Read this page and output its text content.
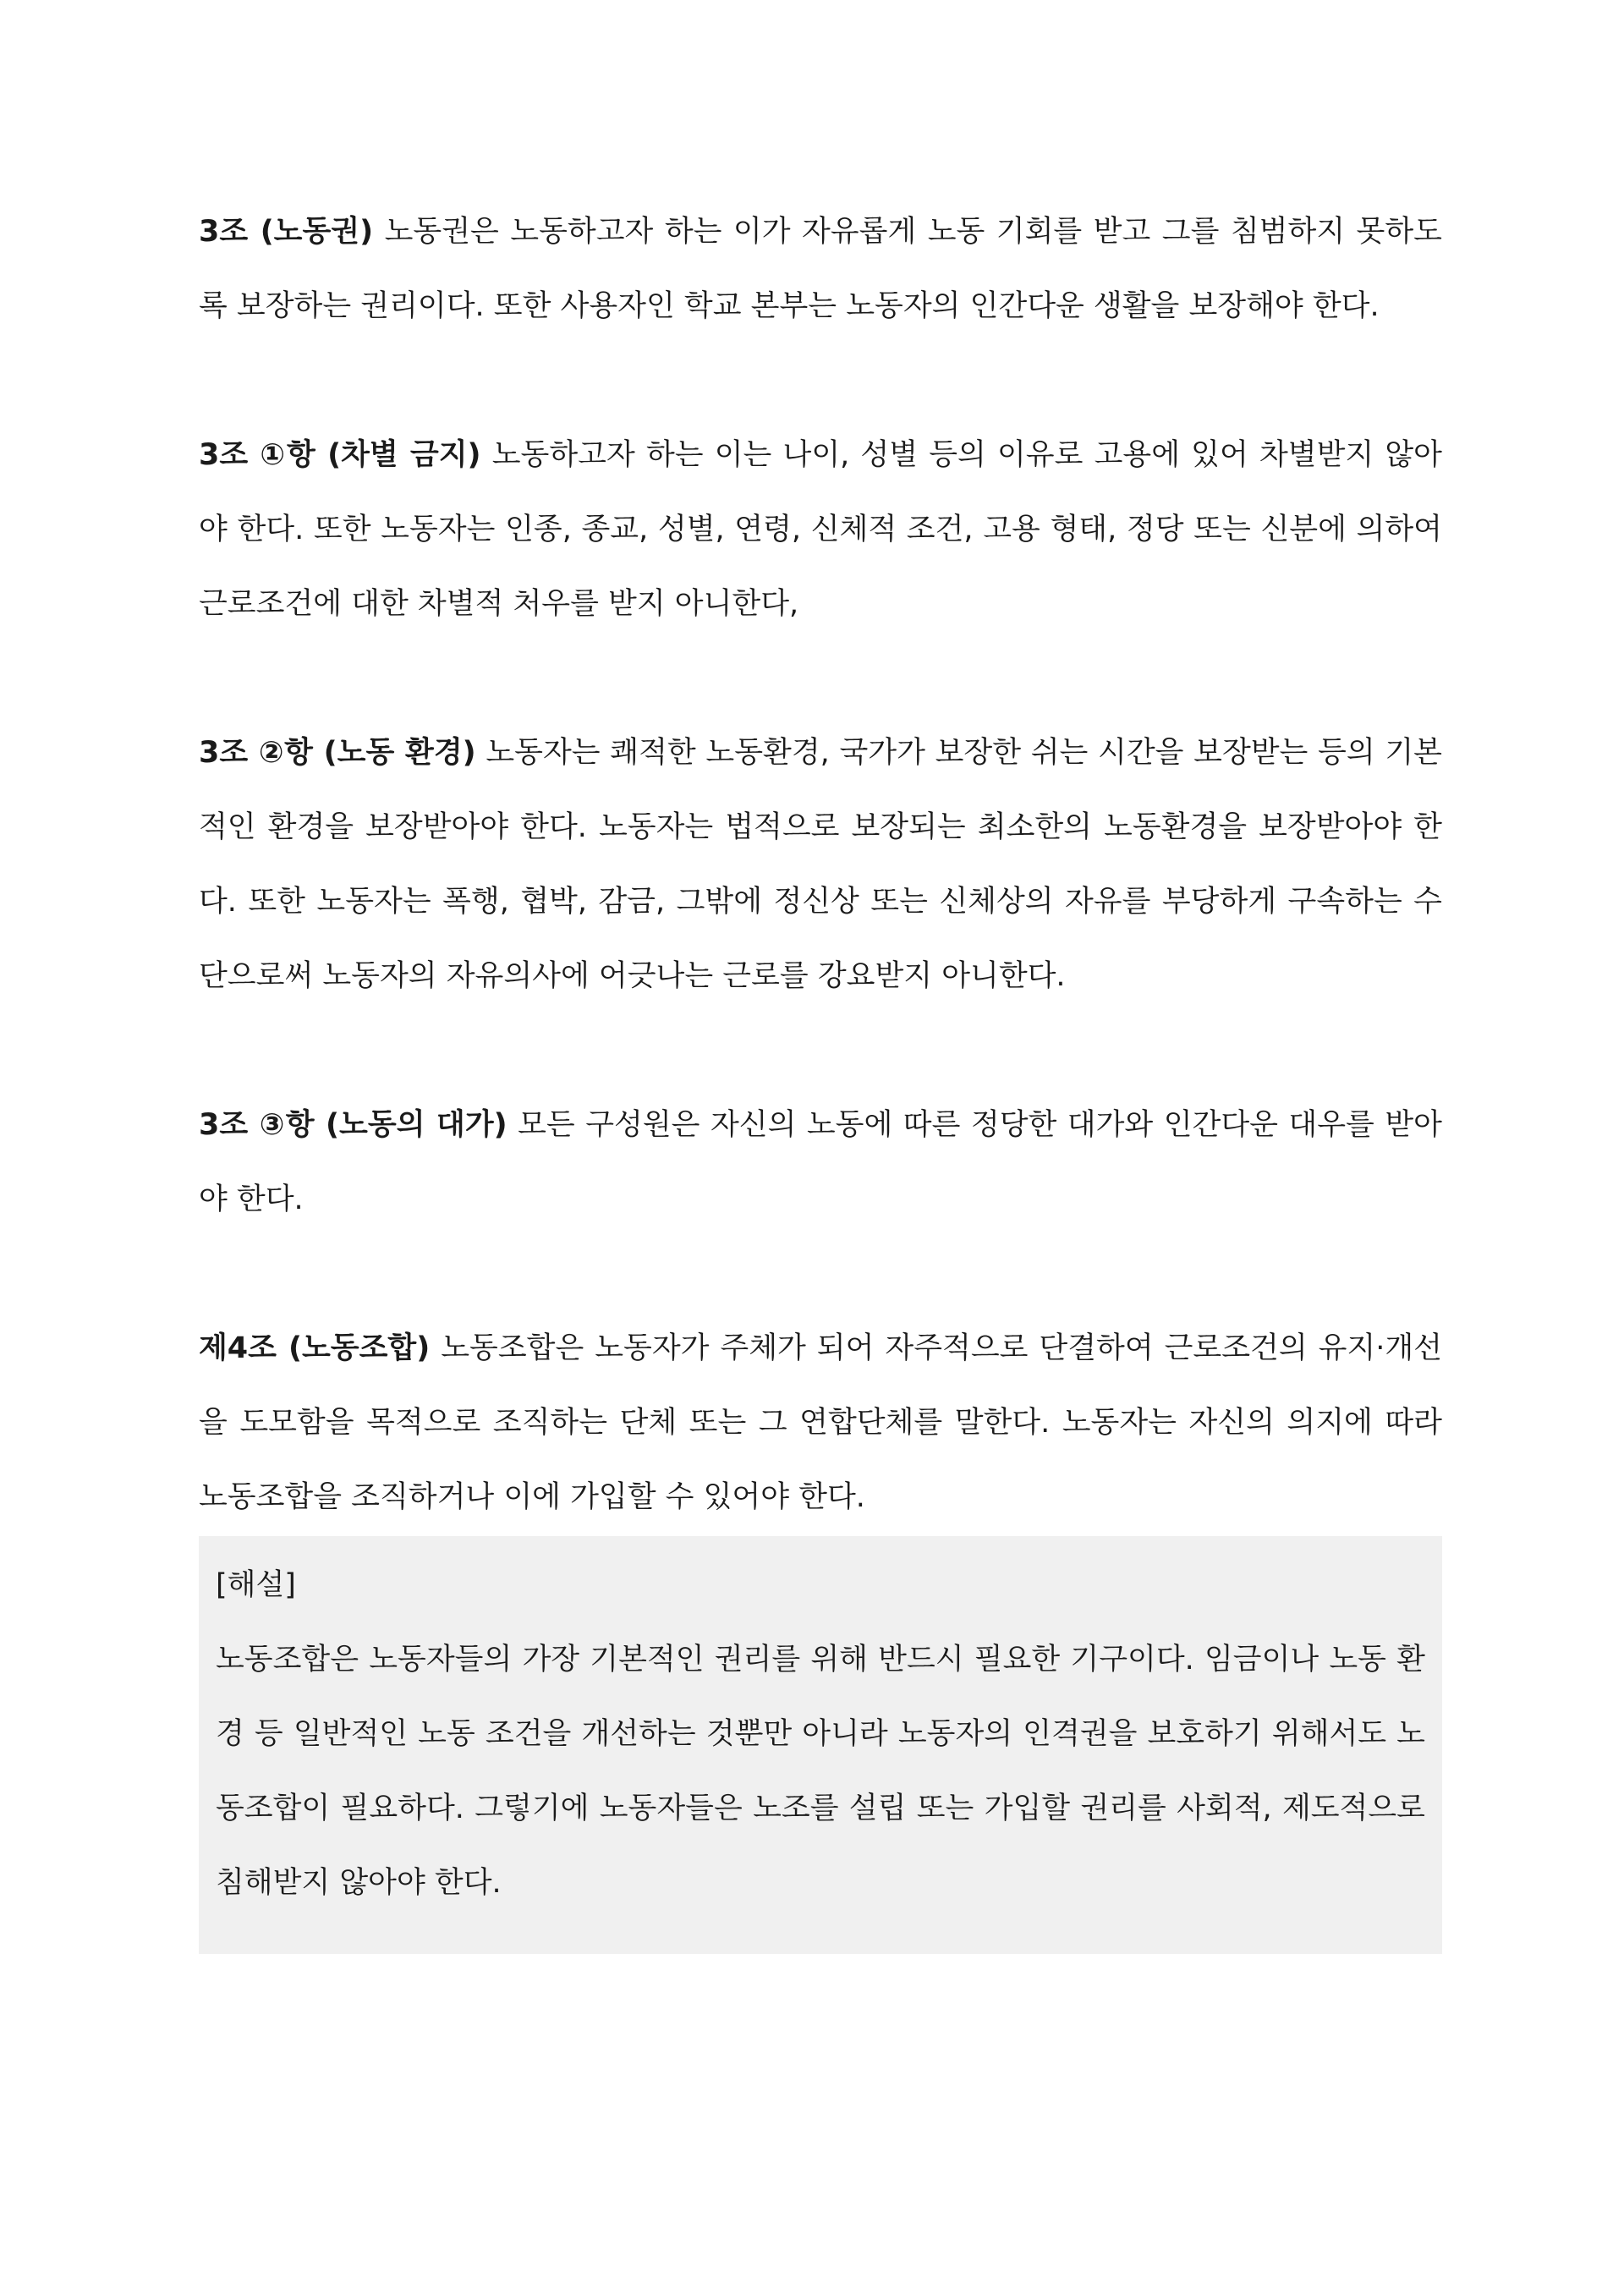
3조 (노동권) 노동권은 노동하고자 하는 이가 자유롭게 노동 기회를 받고 그를 침범하지 못하도록 보장하는 권리이다. 또한 사용자인 학교 본부는 노동자의 인간다운 생활을 보장해야 한다.

3조 ①항 (차별 금지) 노동하고자 하는 이는 나이, 성별 등의 이유로 고용에 있어 차별받지 않아야 한다. 또한 노동자는 인종, 종교, 성별, 연령, 신체적 조건, 고용 형태, 정당 또는 신분에 의하여 근로조건에 대한 차별적 처우를 받지 아니한다,

3조 ②항 (노동 환경) 노동자는 쾌적한 노동환경, 국가가 보장한 쉬는 시간을 보장받는 등의 기본적인 환경을 보장받아야 한다. 노동자는 법적으로 보장되는 최소한의 노동환경을 보장받아야 한다. 또한 노동자는 폭행, 협박, 감금, 그밖에 정신상 또는 신체상의 자유를 부당하게 구속하는 수단으로써 노동자의 자유의사에 어긋나는 근로를 강요받지 아니한다.

3조 ③항 (노동의 대가) 모든 구성원은 자신의 노동에 따른 정당한 대가와 인간다운 대우를 받아야 한다.

제4조 (노동조합) 노동조합은 노동자가 주체가 되어 자주적으로 단결하여 근로조건의 유지·개선을 도모함을 목적으로 조직하는 단체 또는 그 연합단체를 말한다. 노동자는 자신의 의지에 따라 노동조합을 조직하거나 이에 가입할 수 있어야 한다.

[해설]
노동조합은 노동자들의 가장 기본적인 권리를 위해 반드시 필요한 기구이다. 임금이나 노동 환경 등 일반적인 노동 조건을 개선하는 것뿐만 아니라 노동자의 인격권을 보호하기 위해서도 노동조합이 필요하다. 그렇기에 노동자들은 노조를 설립 또는 가입할 권리를 사회적, 제도적으로 침해받지 않아야 한다.
